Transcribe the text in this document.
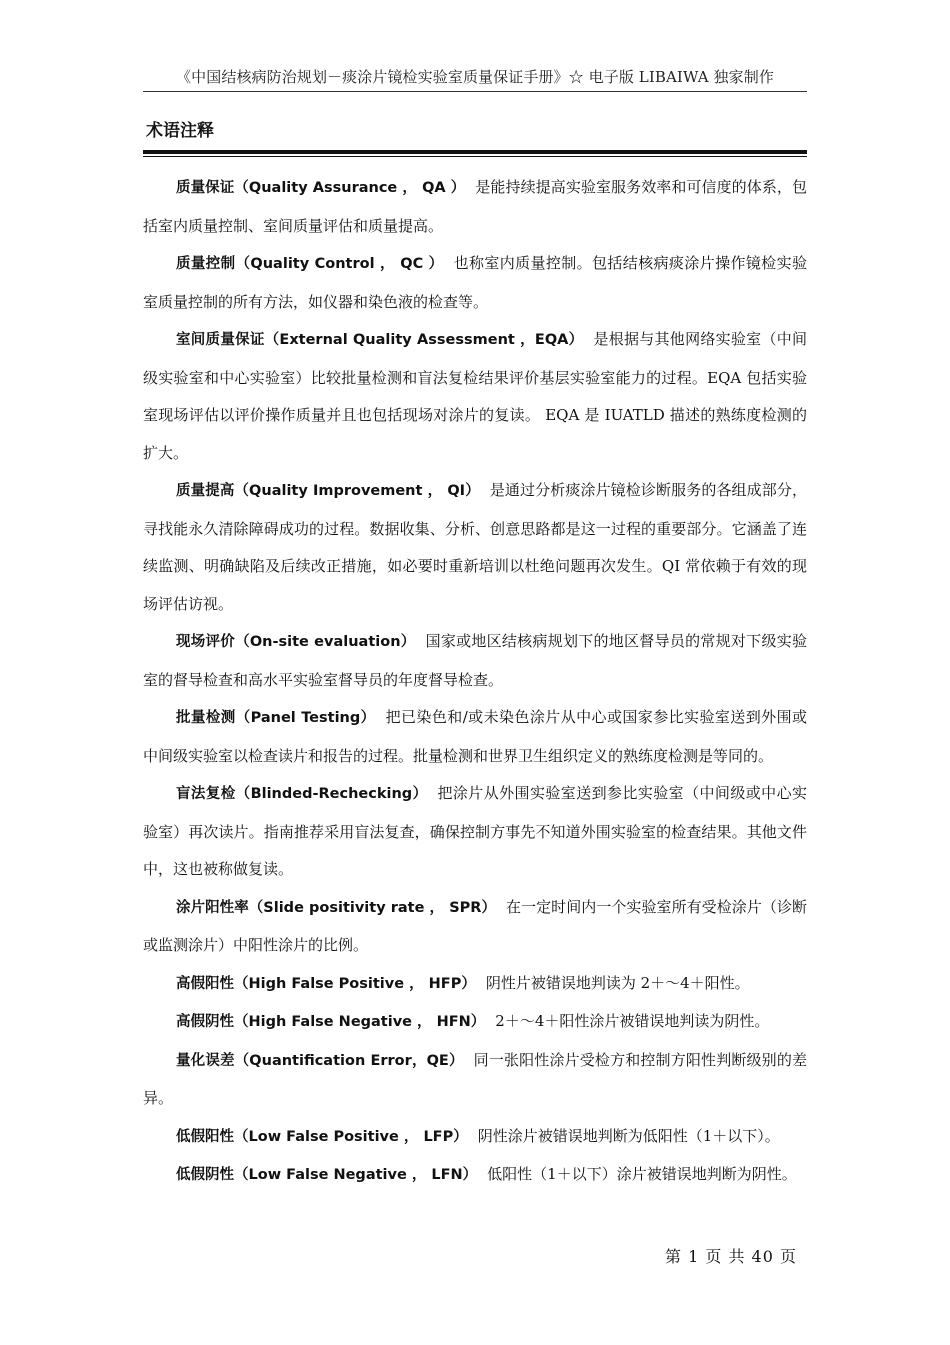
《中国结核病防治规划－痰涂片镜检实验室质量保证手册》☆ 电子版 LIBAIWA 独家制作
术语注释

质量保证（Quality Assurance ， QA ） 是能持续提高实验室服务效率和可信度的体系，包括室内质量控制、室间质量评估和质量提高。

质量控制（Quality Control ， QC ） 也称室内质量控制。包括结核病痰涂片操作镜检实验室质量控制的所有方法，如仪器和染色液的检查等。

室间质量保证（External Quality Assessment ，EQA） 是根据与其他网络实验室（中间级实验室和中心实验室）比较批量检测和盲法复检结果评价基层实验室能力的过程。EQA 包括实验室现场评估以评价操作质量并且也包括现场对涂片的复读。 EQA 是 IUATLD 描述的熟练度检测的扩大。

质量提高（Quality Improvement ， QI） 是通过分析痰涂片镜检诊断服务的各组成部分，寻找能永久清除障碍成功的过程。数据收集、分析、创意思路都是这一过程的重要部分。它涵盖了连续监测、明确缺陷及后续改正措施，如必要时重新培训以杜绝问题再次发生。QI 常依赖于有效的现场评估访视。

现场评价（On-site evaluation） 国家或地区结核病规划下的地区督导员的常规对下级实验室的督导检查和高水平实验室督导员的年度督导检查。

批量检测（Panel Testing） 把已染色和/或未染色涂片从中心或国家参比实验室送到外围或中间级实验室以检查读片和报告的过程。批量检测和世界卫生组织定义的熟练度检测是等同的。

盲法复检（Blinded-Rechecking） 把涂片从外围实验室送到参比实验室（中间级或中心实验室）再次读片。指南推荐采用盲法复查，确保控制方事先不知道外围实验室的检查结果。其他文件中，这也被称做复读。

涂片阳性率（Slide positivity rate ， SPR） 在一定时间内一个实验室所有受检涂片（诊断或监测涂片）中阳性涂片的比例。

高假阳性（High False Positive ， HFP） 阴性片被错误地判读为 2＋～4＋阳性。

高假阴性（High False Negative ， HFN） 2＋～4＋阳性涂片被错误地判读为阴性。

量化误差（Quantification Error，QE） 同一张阳性涂片受检方和控制方阳性判断级别的差异。

低假阳性（Low False Positive ， LFP） 阴性涂片被错误地判断为低阳性（1＋以下）。

低假阴性（Low False Negative ， LFN） 低阳性（1＋以下）涂片被错误地判断为阴性。

第 1 页 共 40 页
